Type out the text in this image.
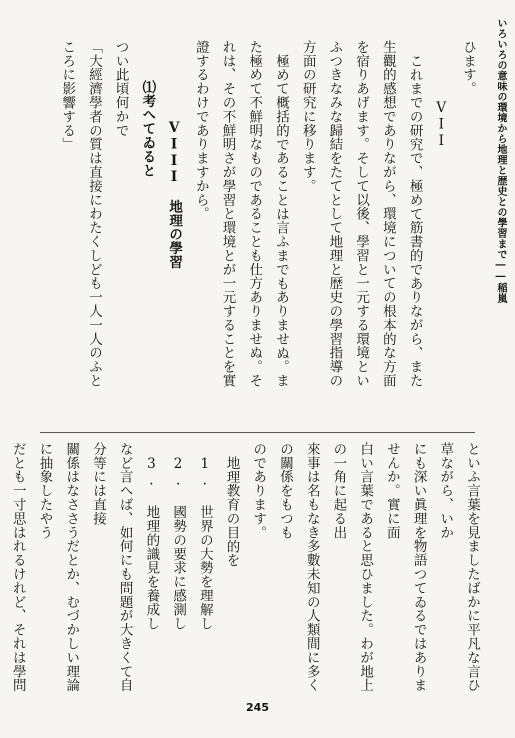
いろいろの意味の環境から地理と歴史との學習まで――稲嵐
ひます。
VII
これまでの研究で、極めて筋書的でありながら、また
生觀的感想でありながら、環境についての根本的な方面
を宿りあげます。そして以後、學習と一元する環境とい
ふつきなみな歸結をたてとして地理と歴史の學習指導の
方面の研究に移ります。
極めて概括的であることは言ふまでもありませぬ。ま
た極めて不鮮明なものであることも仕方ありませぬ。そ
れは、その不鮮明さが學習と環境とが一元することを實
證するわけでありますから。
VIII　地理の學習
⑴考へてゐると
つい此頃何かで
「大經濟學者の質は直接にわたくしども一人一人のふと
ころに影響する」
といふ言葉を見ましたばかに平凡な言ひ草ながら、いか
にも深い眞理を物語つてゐるではありませんか。實に面
白い言葉であると思ひました。わが地上の一角に起る出
來事は名もなき多數未知の人類間に多くの關係をもつも
のであります。
地理教育の目的を
1. 世界の大勢を理解し
2. 國勢の要求に感測し
3. 地理的識見を養成し
など言へば、如何にも問題が大きくて自分等には直接
關係はなささうだとか、むづかしい理論に抽象したやう
だとも一寸思はれるけれど、それは學問
245
